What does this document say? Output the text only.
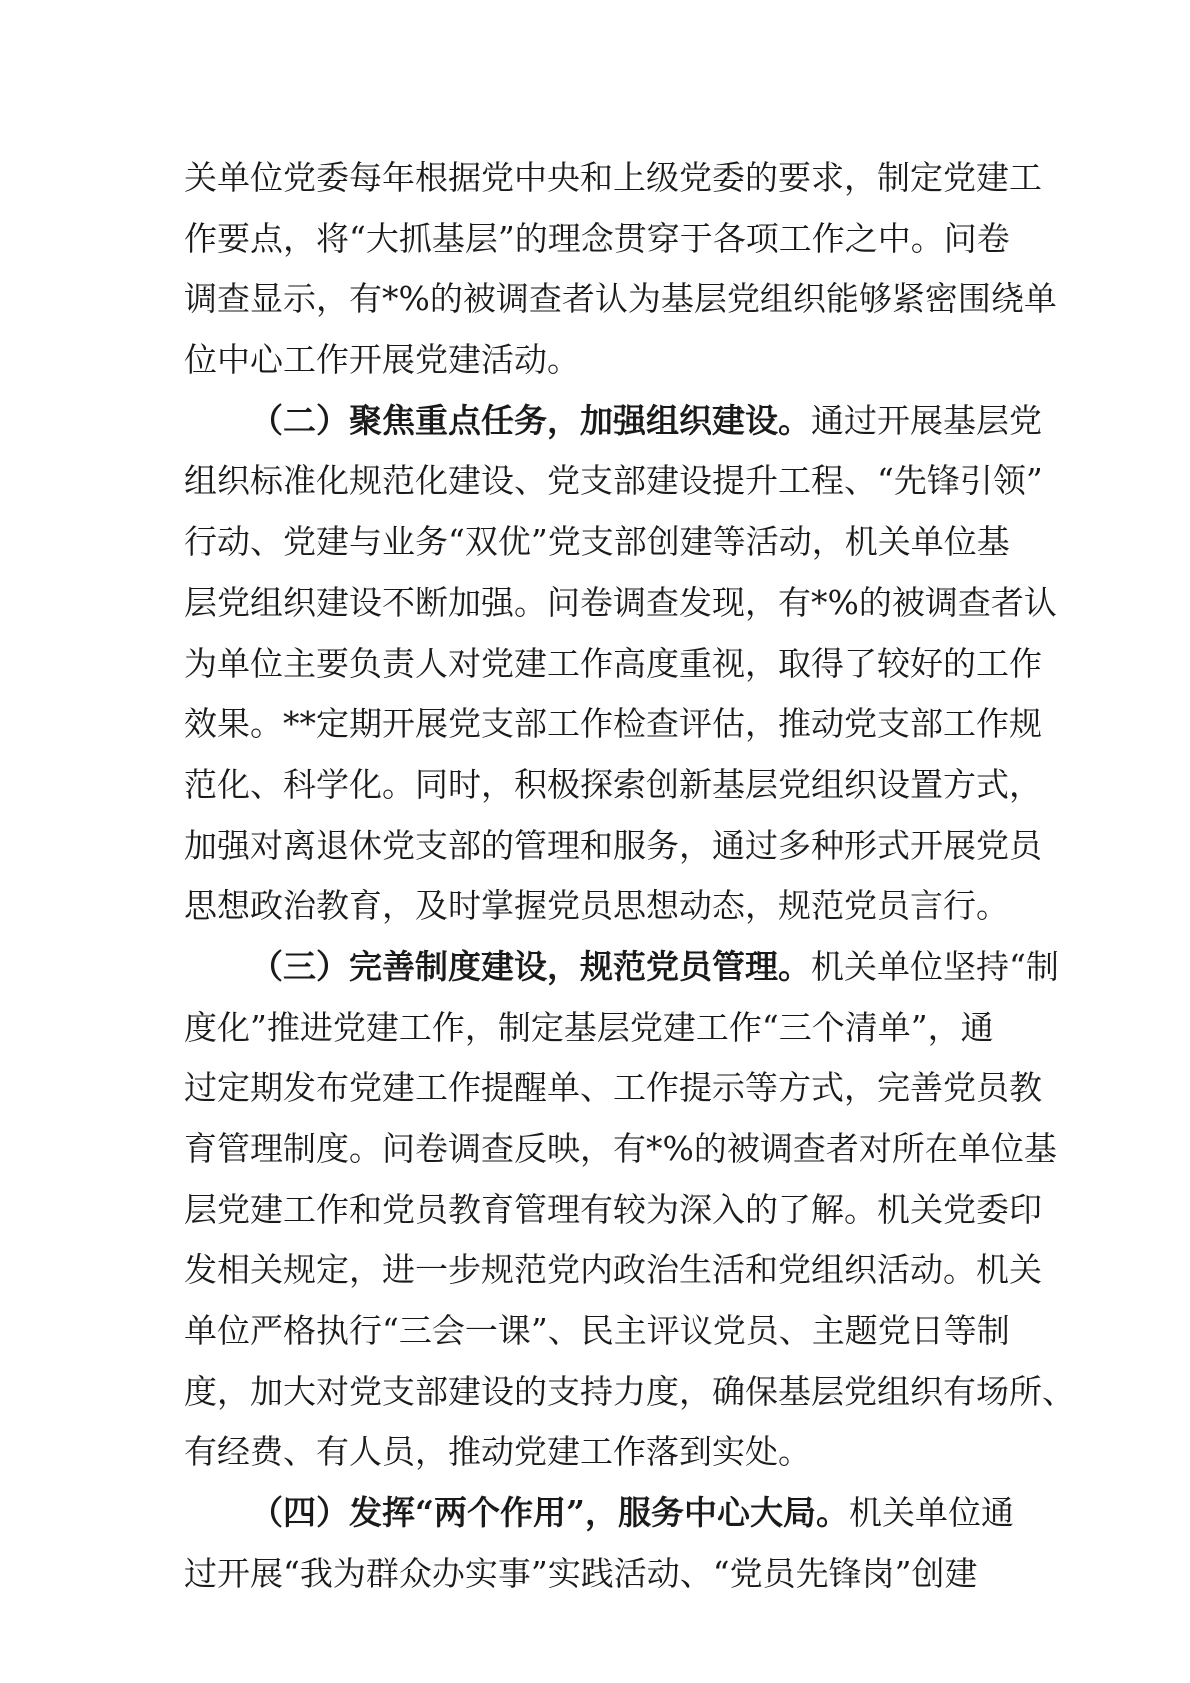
关单位党委每年根据党中央和上级党委的要求，制定党建工
作要点，将“大抓基层”的理念贯穿于各项工作之中。问卷
调查显示，有*%的被调查者认为基层党组织能够紧密围绕单
位中心工作开展党建活动。
（二）聚焦重点任务，加强组织建设。通过开展基层党
组织标准化规范化建设、党支部建设提升工程、“先锋引领”
行动、党建与业务“双优”党支部创建等活动，机关单位基
层党组织建设不断加强。问卷调查发现，有*%的被调查者认
为单位主要负责人对党建工作高度重视，取得了较好的工作
效果。**定期开展党支部工作检查评估，推动党支部工作规
范化、科学化。同时，积极探索创新基层党组织设置方式，
加强对离退休党支部的管理和服务，通过多种形式开展党员
思想政治教育，及时掌握党员思想动态，规范党员言行。
（三）完善制度建设，规范党员管理。机关单位坚持“制
度化”推进党建工作，制定基层党建工作“三个清单”，通
过定期发布党建工作提醒单、工作提示等方式，完善党员教
育管理制度。问卷调查反映，有*%的被调查者对所在单位基
层党建工作和党员教育管理有较为深入的了解。机关党委印
发相关规定，进一步规范党内政治生活和党组织活动。机关
单位严格执行“三会一课”、民主评议党员、主题党日等制
度，加大对党支部建设的支持力度，确保基层党组织有场所、
有经费、有人员，推动党建工作落到实处。
（四）发挥“两个作用”，服务中心大局。机关单位通
过开展“我为群众办实事”实践活动、“党员先锋岗”创建
